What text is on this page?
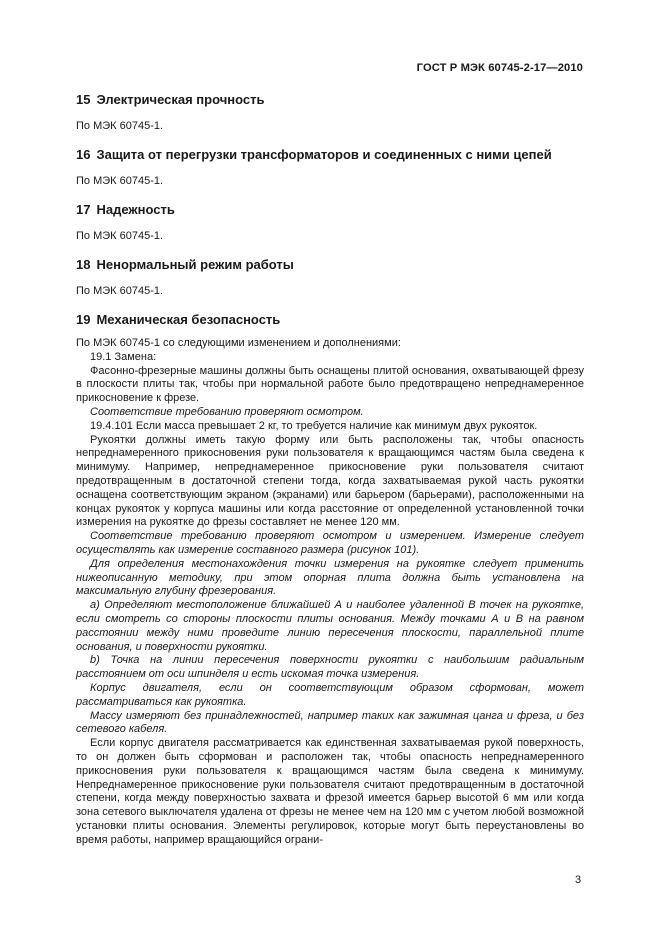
ГОСТ Р МЭК 60745-2-17—2010
15 Электрическая прочность
По МЭК 60745-1.
16 Защита от перегрузки трансформаторов и соединенных с ними цепей
По МЭК 60745-1.
17 Надежность
По МЭК 60745-1.
18 Ненормальный режим работы
По МЭК 60745-1.
19 Механическая безопасность

По МЭК 60745-1 со следующими изменением и дополнениями:

19.1 Замена:

Фасонно-фрезерные машины должны быть оснащены плитой основания, охватывающей фрезу в плоскости плиты так, чтобы при нормальной работе было предотвращено непреднамеренное прикосновение к фрезе.

Соответствие требованию проверяют осмотром.

19.4.101 Если масса превышает 2 кг, то требуется наличие как минимум двух рукояток.

Рукоятки должны иметь такую форму или быть расположены так, чтобы опасность непреднамеренного прикосновения руки пользователя к вращающимся частям была сведена к минимуму. Например, непреднамеренное прикосновение руки пользователя считают предотвращенным в достаточной степени тогда, когда захватываемая рукой часть рукоятки оснащена соответствующим экраном (экранами) или барьером (барьерами), расположенными на концах рукояток у корпуса машины или когда расстояние от определенной установленной точки измерения на рукоятке до фрезы составляет не менее 120 мм.

Соответствие требованию проверяют осмотром и измерением. Измерение следует осуществлять как измерение составного размера (рисунок 101).

Для определения местонахождения точки измерения на рукоятке следует применить нижеописанную методику, при этом опорная плита должна быть установлена на максимальную глубину фрезерования.

a) Определяют местоположение ближайшей А и наиболее удаленной В точек на рукоятке, если смотреть со стороны плоскости плиты основания. Между точками А и В на равном расстоянии между ними проведите линию пересечения плоскости, параллельной плите основания, и поверхности рукоятки.

b) Точка на линии пересечения поверхности рукоятки с наибольшим радиальным расстоянием от оси шпинделя и есть искомая точка измерения.

Корпус двигателя, если он соответствующим образом сформован, может рассматриваться как рукоятка.

Массу измеряют без принадлежностей, например таких как зажимная цанга и фреза, и без сетевого кабеля.

Если корпус двигателя рассматривается как единственная захватываемая рукой поверхность, то он должен быть сформован и расположен так, чтобы опасность непреднамеренного прикосновения руки пользователя к вращающимся частям была сведена к минимуму. Непреднамеренное прикосновение руки пользователя считают предотвращенным в достаточной степени, когда между поверхностью захвата и фрезой имеется барьер высотой 6 мм или когда зона сетевого выключателя удалена от фрезы не менее чем на 120 мм с учетом любой возможной установки плиты основания. Элементы регулировок, которые могут быть переустановлены во время работы, например вращающийся ограни-

3
